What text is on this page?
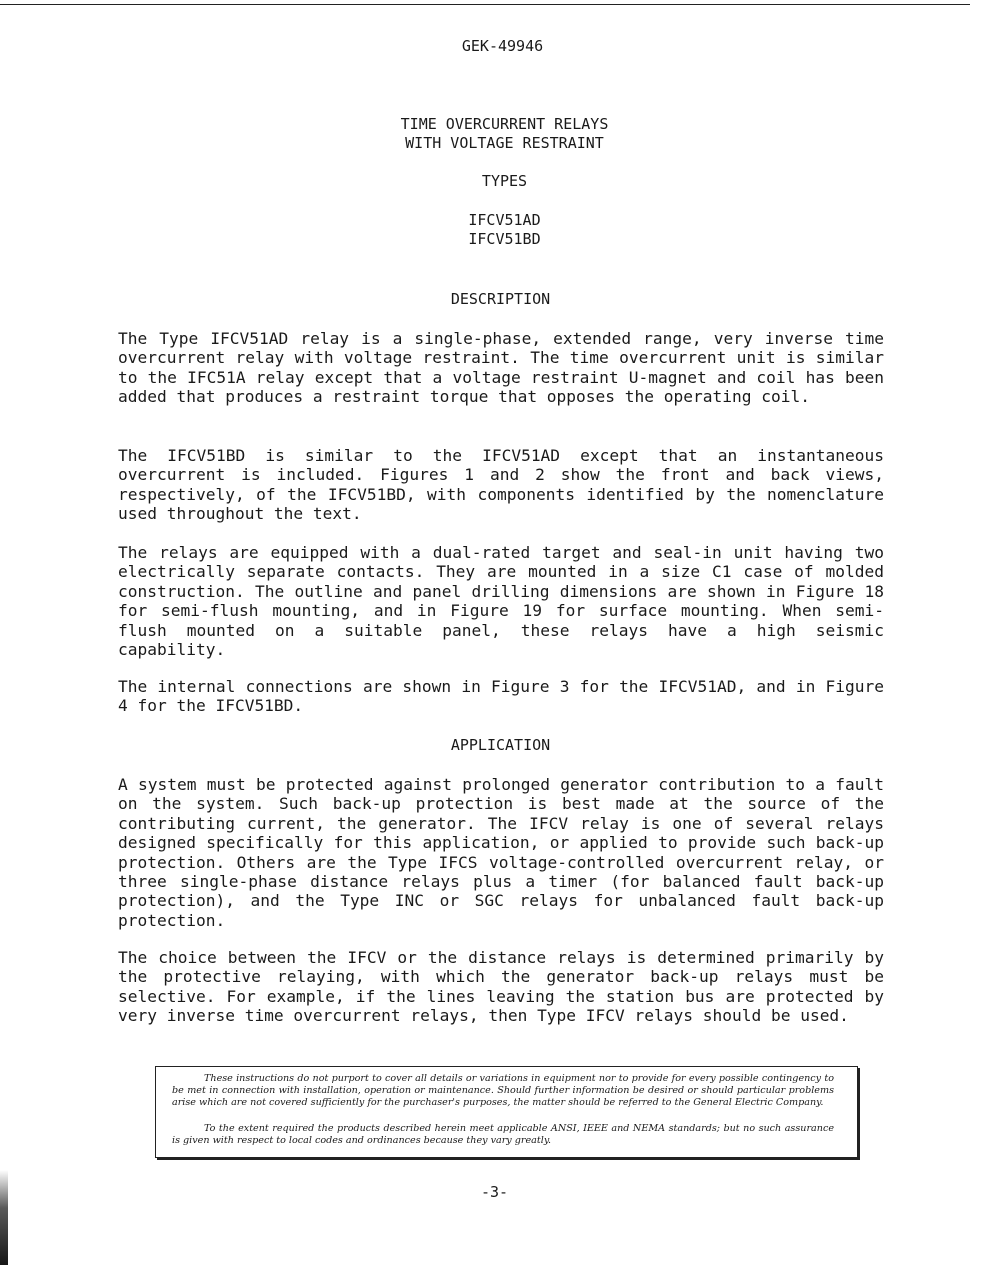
GEK-49946
TIME OVERCURRENT RELAYS
WITH VOLTAGE RESTRAINT
TYPES
IFCV51AD
IFCV51BD
DESCRIPTION
The Type IFCV51AD relay is a single-phase, extended range, very inverse time overcurrent relay with voltage restraint. The time overcurrent unit is similar to the IFC51A relay except that a voltage restraint U-magnet and coil has been added that produces a restraint torque that opposes the operating coil.
The IFCV51BD is similar to the IFCV51AD except that an instantaneous overcurrent is included. Figures 1 and 2 show the front and back views, respectively, of the IFCV51BD, with components identified by the nomenclature used throughout the text.
The relays are equipped with a dual-rated target and seal-in unit having two electrically separate contacts. They are mounted in a size C1 case of molded construction. The outline and panel drilling dimensions are shown in Figure 18 for semi-flush mounting, and in Figure 19 for surface mounting. When semi-flush mounted on a suitable panel, these relays have a high seismic capability.
The internal connections are shown in Figure 3 for the IFCV51AD, and in Figure 4 for the IFCV51BD.
APPLICATION
A system must be protected against prolonged generator contribution to a fault on the system. Such back-up protection is best made at the source of the contributing current, the generator. The IFCV relay is one of several relays designed specifically for this application, or applied to provide such back-up protection. Others are the Type IFCS voltage-controlled overcurrent relay, or three single-phase distance relays plus a timer (for balanced fault back-up protection), and the Type INC or SGC relays for unbalanced fault back-up protection.
The choice between the IFCV or the distance relays is determined primarily by the protective relaying, with which the generator back-up relays must be selective. For example, if the lines leaving the station bus are protected by very inverse time overcurrent relays, then Type IFCV relays should be used.
These instructions do not purport to cover all details or variations in equipment nor to provide for every possible contingency to be met in connection with installation, operation or maintenance. Should further information be desired or should particular problems arise which are not covered sufficiently for the purchaser's purposes, the matter should be referred to the General Electric Company.
To the extent required the products described herein meet applicable ANSI, IEEE and NEMA standards; but no such assurance is given with respect to local codes and ordinances because they vary greatly.
-3-
